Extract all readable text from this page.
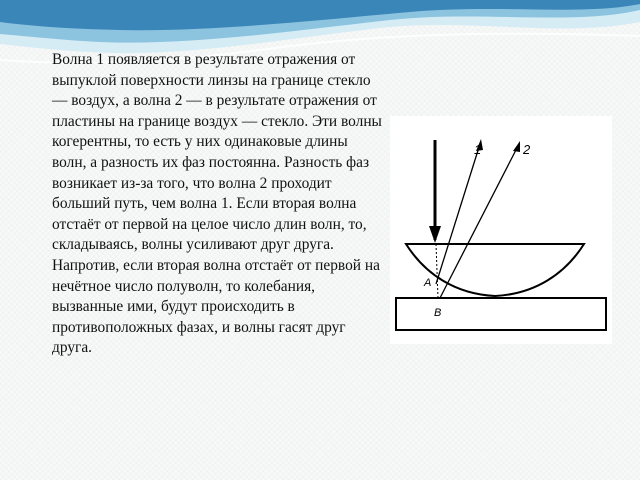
Волна 1 появляется в результате отражения от выпуклой поверхности линзы на границе стекло — воздух, а волна 2 — в результате отражения от пластины на границе воздух — стекло. Эти волны когерентны, то есть у них одинаковые длины волн, а разность их фаз постоянна. Разность фаз возникает из-за того, что волна 2 проходит больший путь, чем волна 1. Если вторая волна отстаёт от первой на целое число длин волн, то, складываясь, волны усиливают друг друга.

Напротив, если вторая волна отстаёт от первой на нечётное число полуволн, то колебания, вызванные ими, будут происходить в противоположных фазах, и волны гасят друг друга.

1	2
A
B
